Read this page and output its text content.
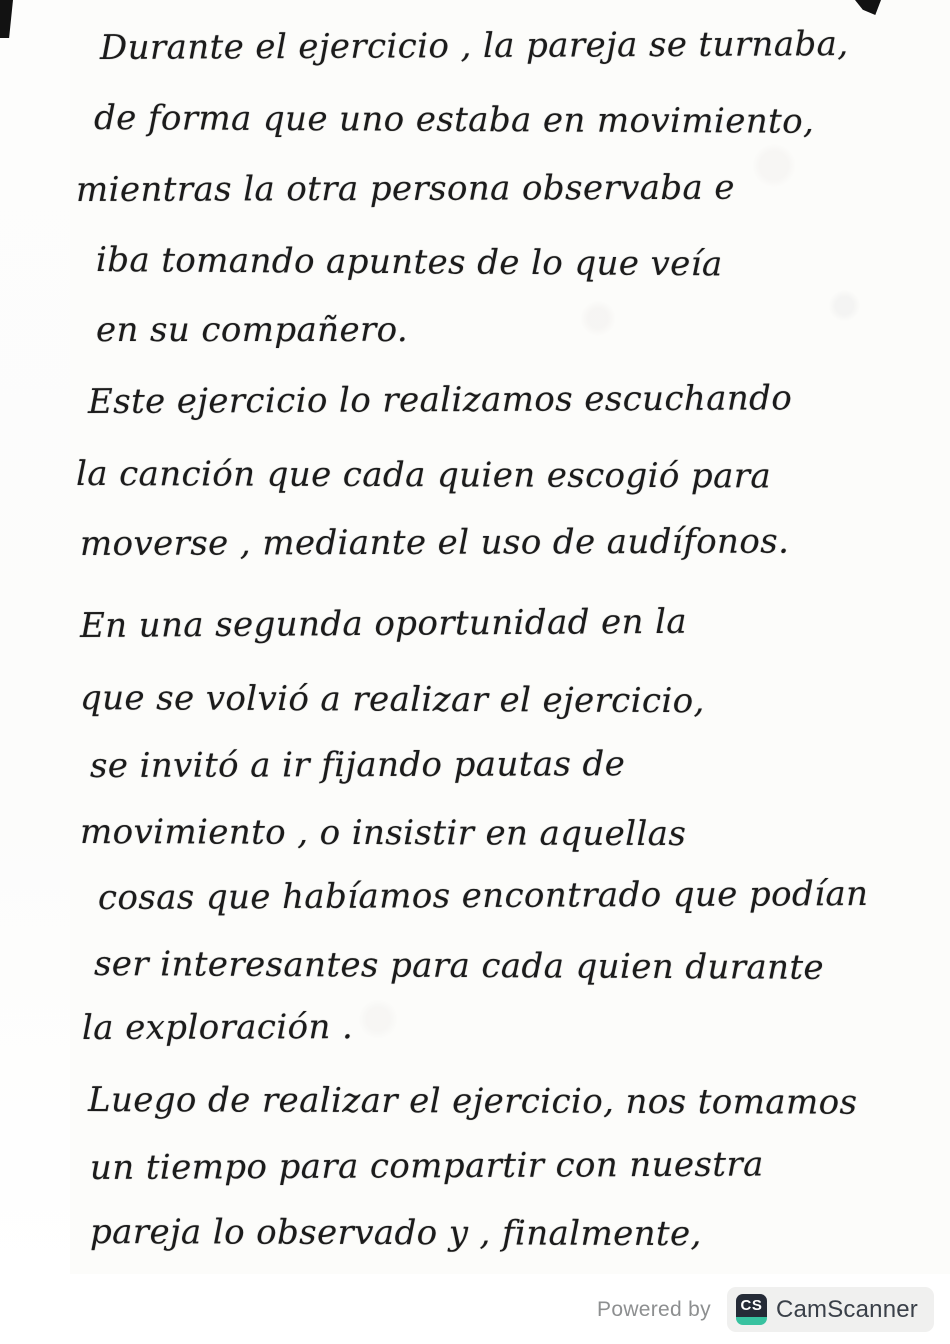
Durante el ejercicio , la pareja se turnaba,
de forma que uno estaba en movimiento,
mientras la otra persona observaba e
iba tomando apuntes de lo que veía
en su compañero.
Este ejercicio lo realizamos escuchando
la canción que cada quien escogió para
moverse , mediante el uso de audífonos.
En una segunda oportunidad en la
que se volvió a realizar el ejercicio,
se invitó a ir fijando pautas de
movimiento , o insistir en aquellas
cosas que habíamos encontrado que podían
ser interesantes para cada quien durante
la exploración .
Luego de realizar el ejercicio, nos tomamos
un tiempo para compartir con nuestra
pareja lo observado y , finalmente,
Powered by	CS CamScanner
